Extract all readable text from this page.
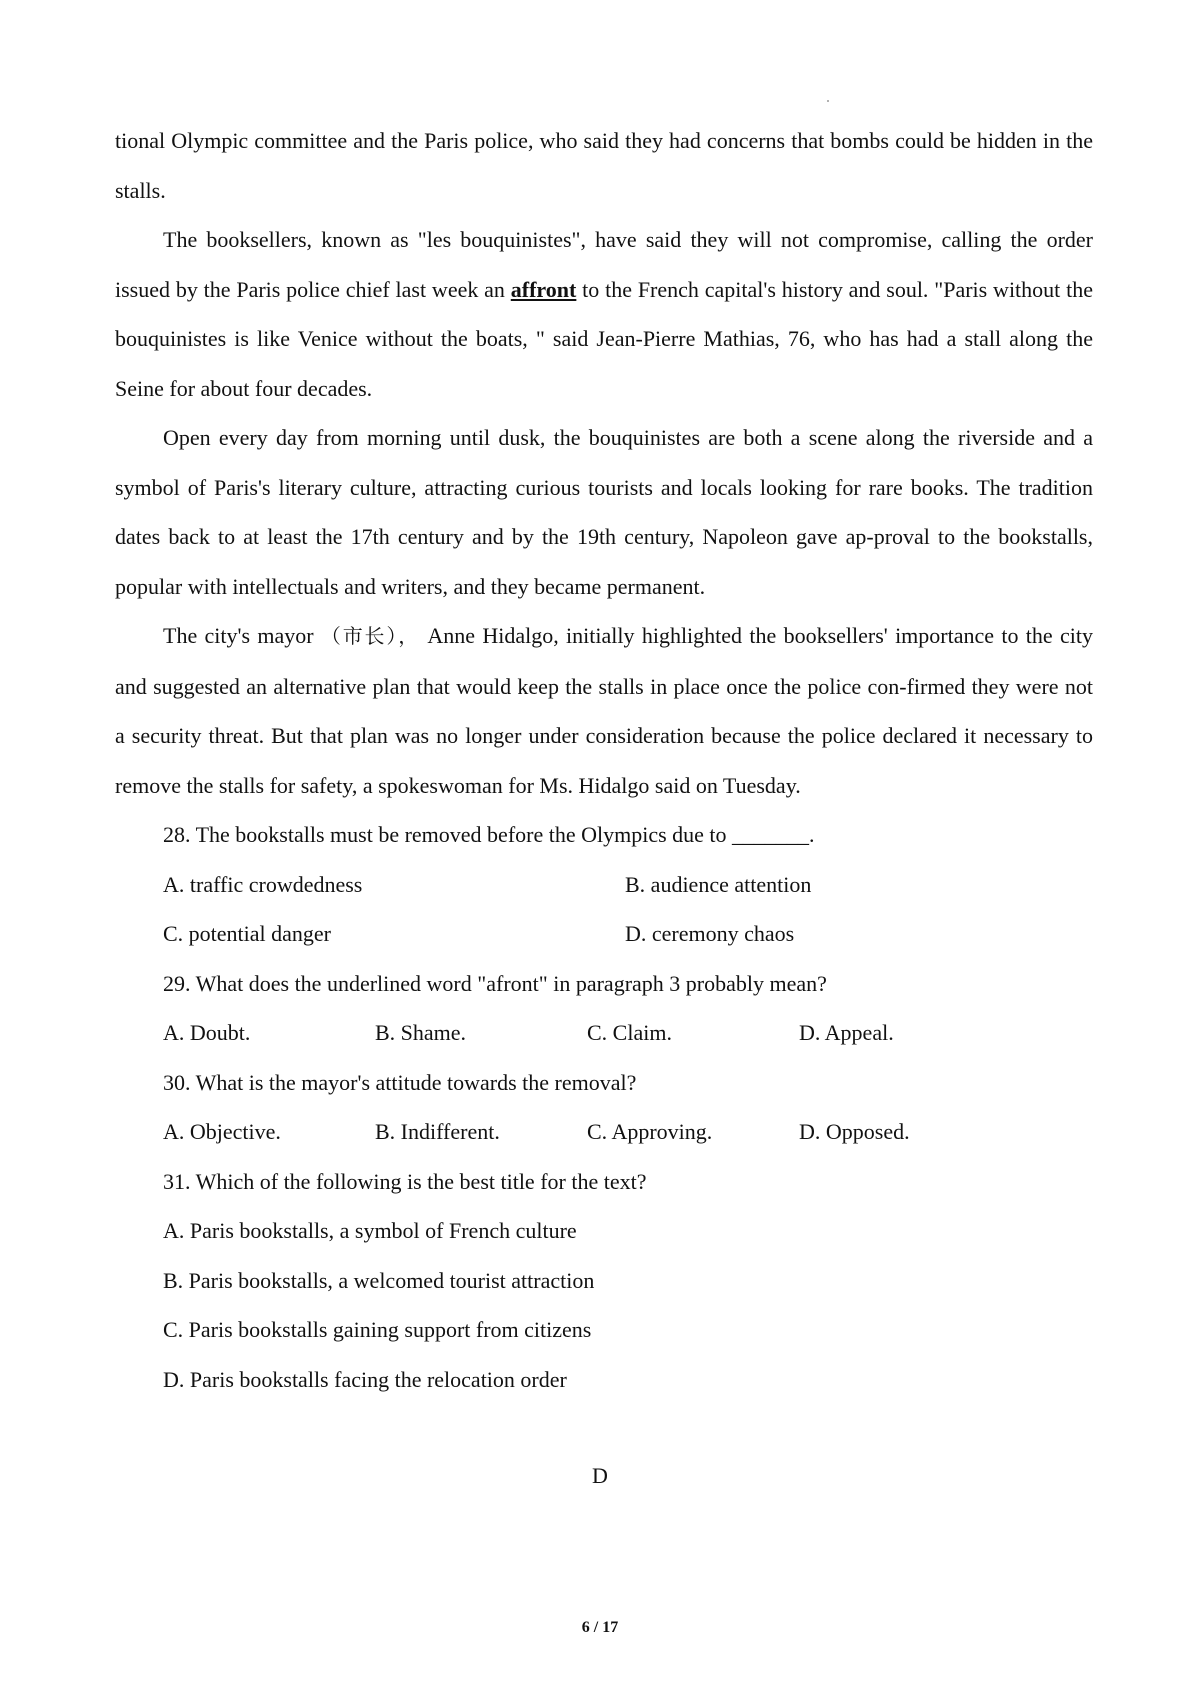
tional Olympic committee and the Paris police, who said they had concerns that bombs could be hidden in the stalls.

The booksellers, known as "les bouquinistes", have said they will not compromise, calling the order issued by the Paris police chief last week an affront to the French capital's history and soul. "Paris without the bouquinistes is like Venice without the boats, " said Jean-Pierre Mathias, 76, who has had a stall along the Seine for about four decades.

Open every day from morning until dusk, the bouquinistes are both a scene along the riverside and a symbol of Paris's literary culture, attracting curious tourists and locals looking for rare books. The tradition dates back to at least the 17th century and by the 19th century, Napoleon gave ap-proval to the bookstalls, popular with intellectuals and writers, and they became permanent.

The city's mayor （市长）， Anne Hidalgo, initially highlighted the booksellers' importance to the city and suggested an alternative plan that would keep the stalls in place once the police con-firmed they were not a security threat. But that plan was no longer under consideration because the police declared it necessary to remove the stalls for safety, a spokeswoman for Ms. Hidalgo said on Tuesday.

28. The bookstalls must be removed before the Olympics due to _______.
A. traffic crowdedness	B. audience attention
C. potential danger	D. ceremony chaos
29. What does the underlined word "afront" in paragraph 3 probably mean?
A. Doubt.	B. Shame.	C. Claim.	D. Appeal.
30. What is the mayor's attitude towards the removal?
A. Objective.	B. Indifferent.	C. Approving.	D. Opposed.
31. Which of the following is the best title for the text?
A. Paris bookstalls, a symbol of French culture
B. Paris bookstalls, a welcomed tourist attraction
C. Paris bookstalls gaining support from citizens
D. Paris bookstalls facing the relocation order
D
6 / 17
